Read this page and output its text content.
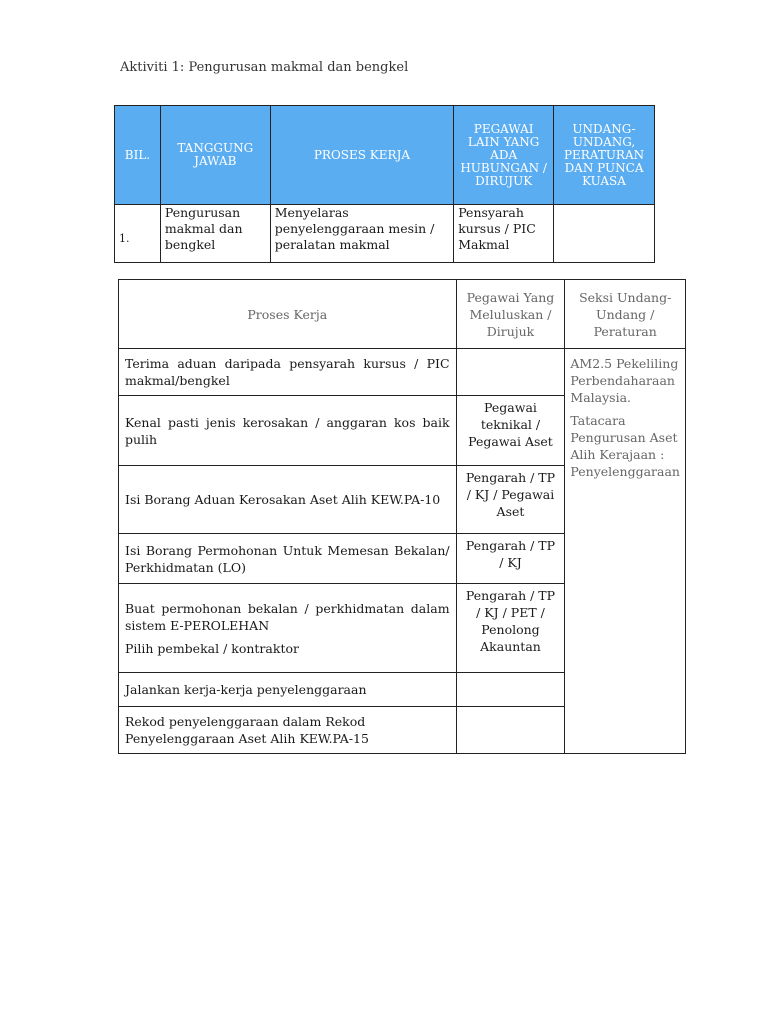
Aktiviti 1: Pengurusan makmal dan bengkel
BIL.	TANGGUNG JAWAB	PROSES KERJA	PEGAWAI LAIN YANG ADA HUBUNGAN / DIRUJUK	UNDANG-UNDANG, PERATURAN DAN PUNCA KUASA
1.	Pengurusan makmal dan bengkel	Menyelaras penyelenggaraan mesin / peralatan makmal	Pensyarah kursus / PIC Makmal	
Proses Kerja	Pegawai Yang Meluluskan / Dirujuk	Seksi Undang-Undang / Peraturan
Terima aduan daripada pensyarah kursus / PIC makmal/bengkel		AM2.5 Pekeliling Perbendaharaan Malaysia.

Tatacara Pengurusan Aset Alih Kerajaan : Penyelenggaraan

Kenal pasti jenis kerosakan / anggaran kos baik pulih	Pegawai teknikal / Pegawai Aset	
Isi Borang Aduan Kerosakan Aset Alih KEW.PA-10	Pengarah / TP / KJ / Pegawai Aset	
Isi Borang Permohonan Untuk Memesan Bekalan/ Perkhidmatan (LO)	Pengarah / TP / KJ	

Buat permohonan bekalan / perkhidmatan dalam sistem E-PEROLEHAN

Pilih pembekal / kontraktor	Pengarah / TP / KJ / PET / Penolong Akauntan	
Jalankan kerja-kerja penyelenggaraan		
Rekod penyelenggaraan dalam Rekod Penyelenggaraan Aset Alih KEW.PA-15		
